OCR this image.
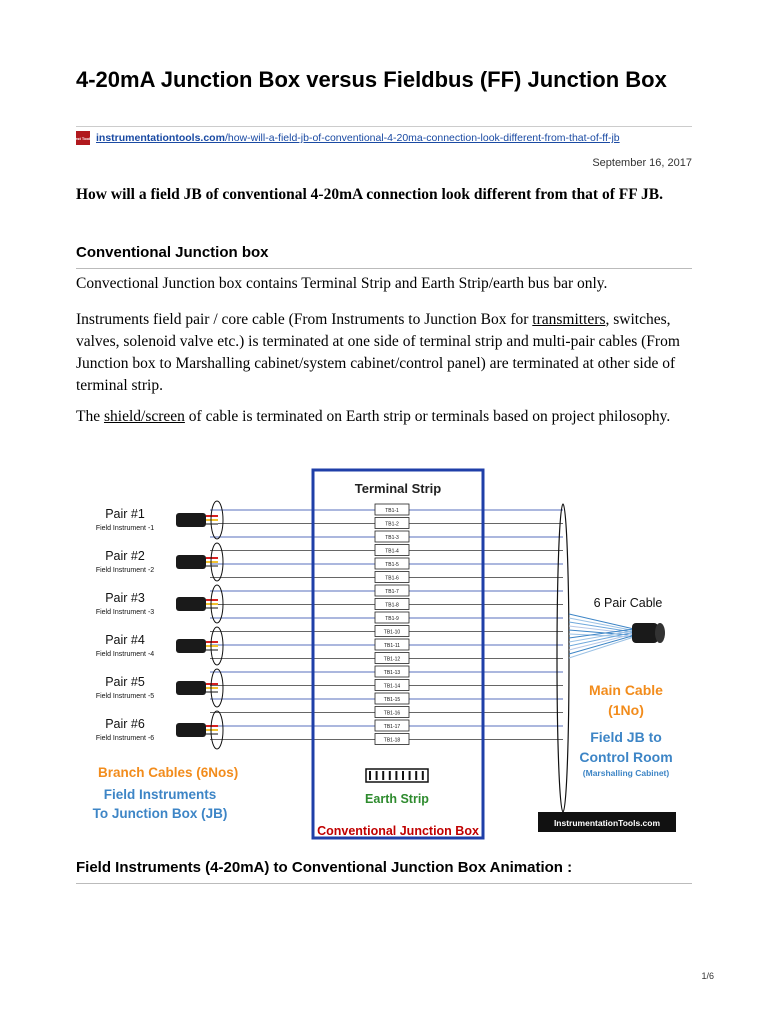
4-20mA Junction Box versus Fieldbus (FF) Junction Box
Inst Tools instrumentationtools.com /how-will-a-field-jb-of-conventional-4-20ma-connection-look-different-from-that-of-ff-jb
September 16, 2017
How will a field JB of conventional 4-20mA connection look different from that of FF JB.
Conventional Junction box
Convectional Junction box contains Terminal Strip and Earth Strip/earth bus bar only.
Instruments field pair / core cable (From Instruments to Junction Box for transmitters, switches, valves, solenoid valve etc.) is terminated at one side of terminal strip and multi-pair cables (From Junction box to Marshalling cabinet/system cabinet/control panel) are terminated at other side of terminal strip.
The shield/screen of cable is terminated on Earth strip or terminals based on project philosophy.
Terminal Strip
TB1-1
TB1-2
TB1-3
TB1-4
TB1-5
TB1-6
TB1-7
TB1-8
TB1-9
TB1-10
TB1-11
TB1-12
TB1-13
TB1-14
TB1-15
TB1-16
TB1-17
TB1-18
Earth Strip
Conventional Junction Box
Pair #1
Field Instrument -1
Pair #2
Field Instrument -2
Pair #3
Field Instrument -3
Pair #4
Field Instrument -4
Pair #5
Field Instrument -5
Pair #6
Field Instrument -6
6 Pair Cable
Main Cable
(1No)
Field JB to
Control Room
(Marshalling Cabinet)
Branch Cables (6Nos)
Field Instruments
To Junction Box (JB)
InstrumentationTools.com
Field Instruments (4-20mA) to Conventional Junction Box Animation :
1/6
